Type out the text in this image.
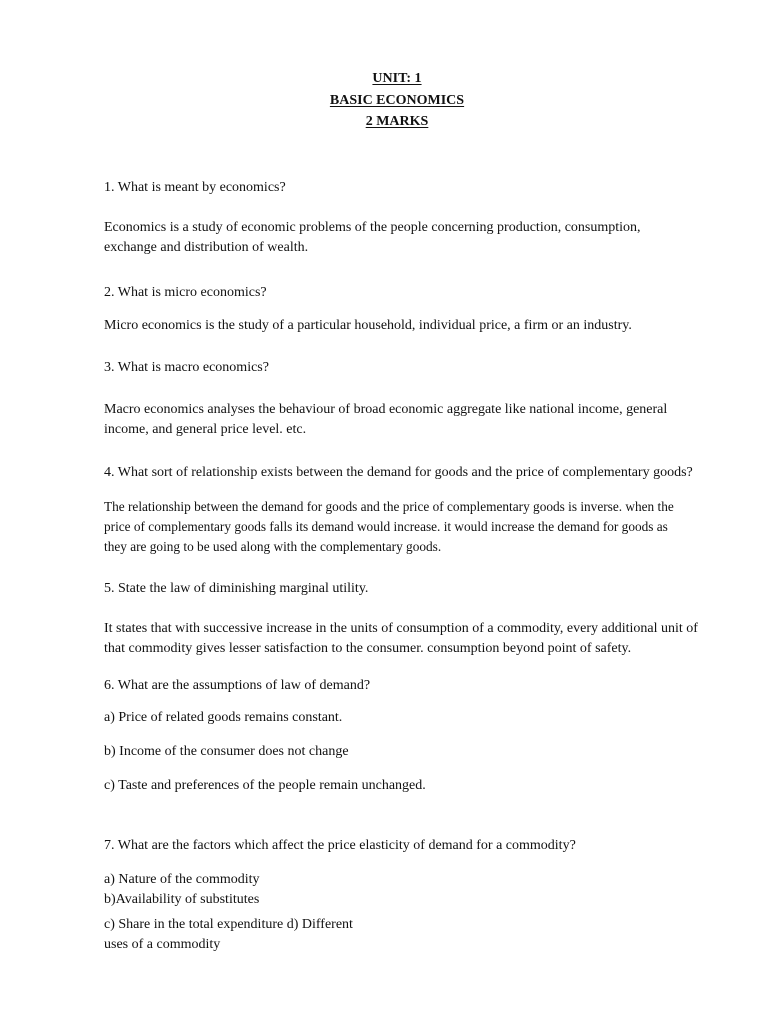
UNIT: 1
BASIC ECONOMICS
2 MARKS
1. What is meant by economics?
Economics is a study of economic problems of the people concerning production, consumption,
exchange and distribution of wealth.
2. What is micro economics?
Micro economics is the study of a particular household, individual price, a firm or an industry.
3. What is macro economics?
Macro economics analyses the behaviour of broad economic aggregate like national income, general
income, and general price level. etc.
4. What sort of relationship exists between the demand for goods and the price of complementary goods?
The relationship between the demand for goods and the price of complementary goods is inverse. when the
price of complementary goods falls its demand would increase. it would increase the demand for goods as
they are going to be used along with the complementary goods.
5. State the law of diminishing marginal utility.
It states that with successive increase in the units of consumption of a commodity, every additional unit of
that commodity gives lesser satisfaction to the consumer. consumption beyond point of safety.
6. What are the assumptions of law of demand?
a) Price of related goods remains constant.
b) Income of the consumer does not change
c) Taste and preferences of the people remain unchanged.
7. What are the factors which affect the price elasticity of demand for a commodity?
a) Nature of the commodity
b)Availability of substitutes
c) Share in the total expenditure d) Different
uses of a commodity
